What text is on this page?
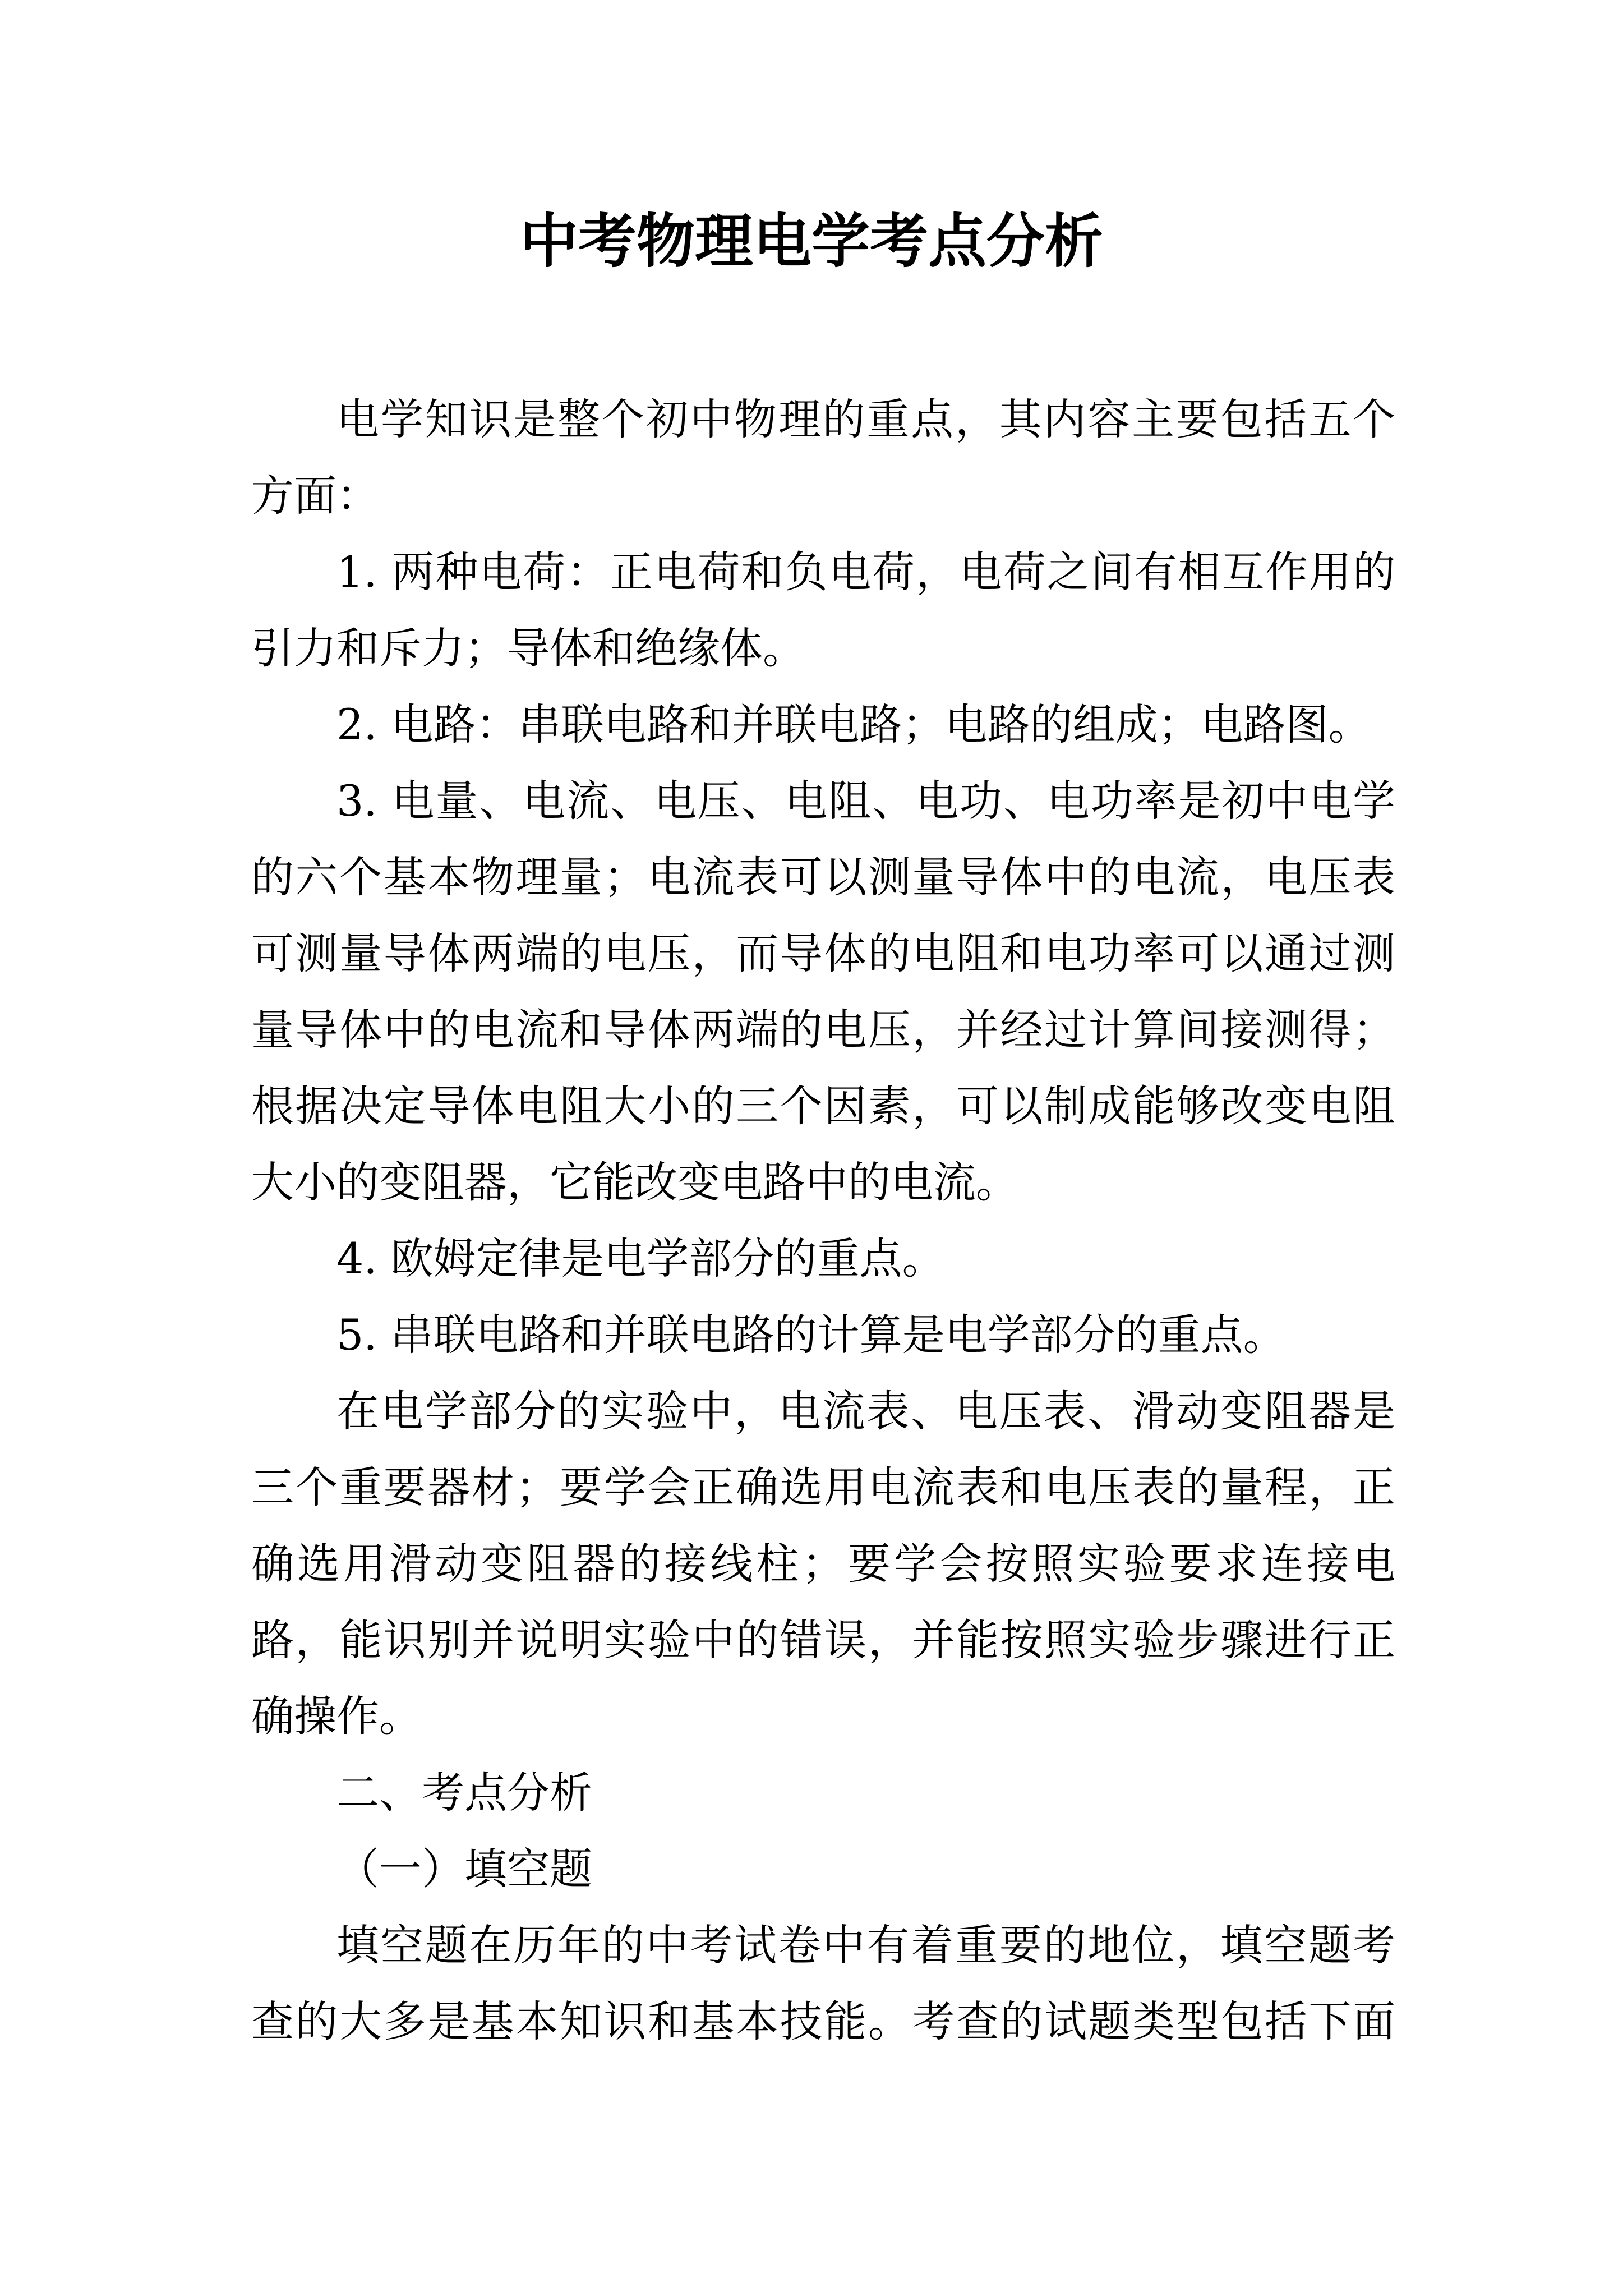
中考物理电学考点分析

电学知识是整个初中物理的重点，其内容主要包括五个方面：

1. 两种电荷：正电荷和负电荷，电荷之间有相互作用的引力和斥力；导体和绝缘体。

2. 电路：串联电路和并联电路；电路的组成；电路图。

3. 电量、电流、电压、电阻、电功、电功率是初中电学的六个基本物理量；电流表可以测量导体中的电流，电压表可测量导体两端的电压，而导体的电阻和电功率可以通过测量导体中的电流和导体两端的电压，并经过计算间接测得；根据决定导体电阻大小的三个因素，可以制成能够改变电阻大小的变阻器，它能改变电路中的电流。

4. 欧姆定律是电学部分的重点。

5. 串联电路和并联电路的计算是电学部分的重点。

在电学部分的实验中，电流表、电压表、滑动变阻器是三个重要器材；要学会正确选用电流表和电压表的量程，正确选用滑动变阻器的接线柱；要学会按照实验要求连接电路，能识别并说明实验中的错误，并能按照实验步骤进行正确操作。

二、考点分析

（一）填空题

填空题在历年的中考试卷中有着重要的地位，填空题考查的大多是基本知识和基本技能。考查的试题类型包括下面
